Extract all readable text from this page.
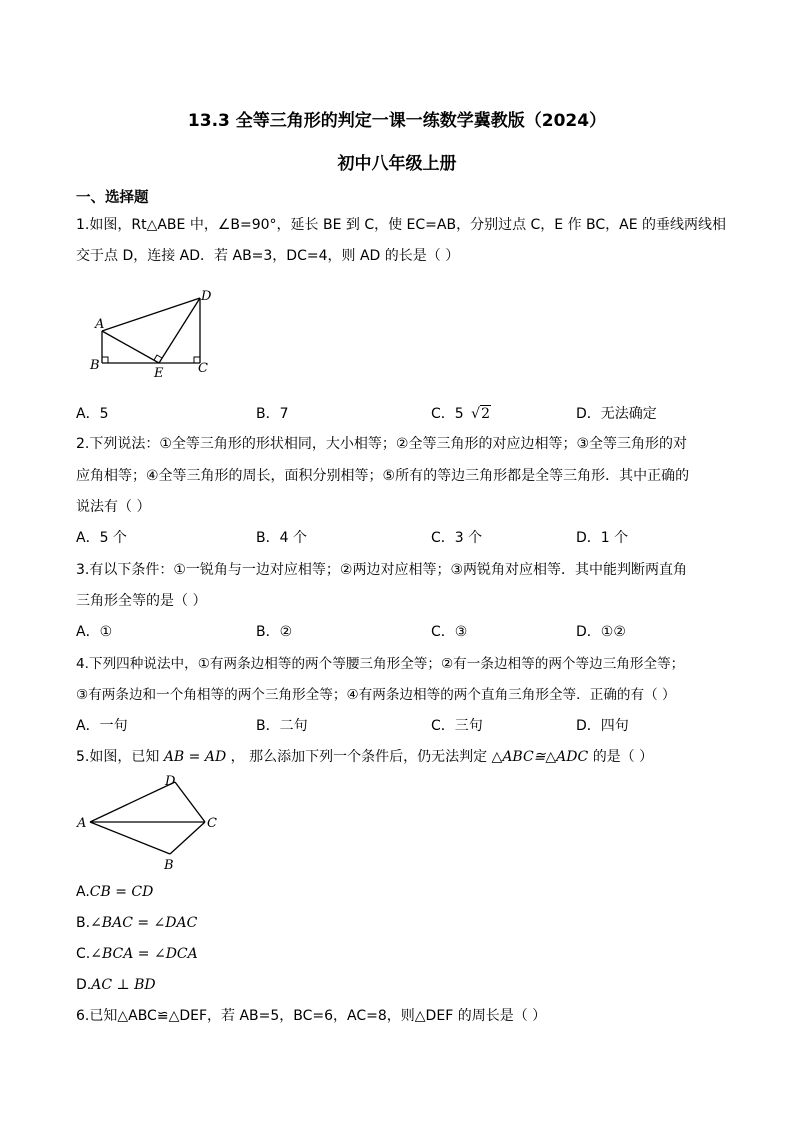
13.3 全等三角形的判定一课一练数学冀教版（2024）
初中八年级上册
一、选择题
1.如图，Rt△ABE 中，∠B=90°，延长 BE 到 C，使 EC=AB，分别过点 C，E 作 BC，AE 的垂线两线相
交于点 D，连接 AD．若 AB=3，DC=4，则 AD 的长是（ ）
A
B	C
D
E
A．5	B．7	C．5 √2	D．无法确定
2.下列说法：①全等三角形的形状相同，大小相等；②全等三角形的对应边相等；③全等三角形的对
应角相等；④全等三角形的周长，面积分别相等；⑤所有的等边三角形都是全等三角形．其中正确的
说法有（ ）
A．5 个	B．4 个	C．3 个	D．1 个
3.有以下条件：①一锐角与一边对应相等；②两边对应相等；③两锐角对应相等．其中能判断两直角
三角形全等的是（ ）
A．①	B．②	C．③	D．①②
4.下列四种说法中，①有两条边相等的两个等腰三角形全等；②有一条边相等的两个等边三角形全等；
③有两条边和一个角相等的两个三角形全等；④有两条边相等的两个直角三角形全等．正确的有（ ）
A．一句	B．二句	C．三句	D．四句
5.如图，已知 AB = AD ， 那么添加下列一个条件后，仍无法判定 △ABC≅△ADC 的是（ ）
A
B
C
D
A.CB = CD
B.∠BAC = ∠DAC
C.∠BCA = ∠DCA
D.AC ⊥ BD
6.已知△ABC≌△DEF，若 AB=5，BC=6，AC=8，则△DEF 的周长是（ ）
